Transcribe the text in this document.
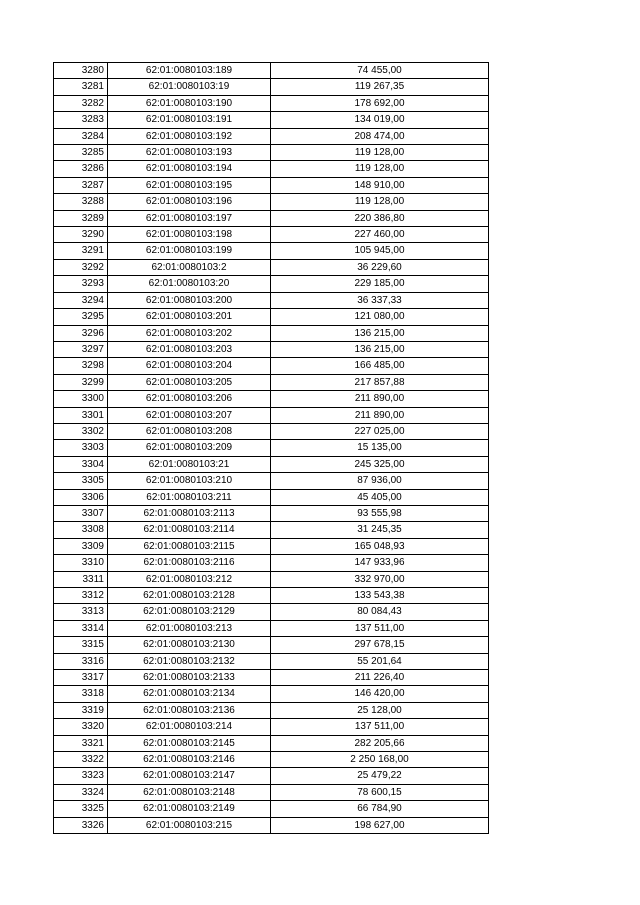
3280	62:01:0080103:189	74 455,00
3281	62:01:0080103:19	119 267,35
3282	62:01:0080103:190	178 692,00
3283	62:01:0080103:191	134 019,00
3284	62:01:0080103:192	208 474,00
3285	62:01:0080103:193	119 128,00
3286	62:01:0080103:194	119 128,00
3287	62:01:0080103:195	148 910,00
3288	62:01:0080103:196	119 128,00
3289	62:01:0080103:197	220 386,80
3290	62:01:0080103:198	227 460,00
3291	62:01:0080103:199	105 945,00
3292	62:01:0080103:2	36 229,60
3293	62:01:0080103:20	229 185,00
3294	62:01:0080103:200	36 337,33
3295	62:01:0080103:201	121 080,00
3296	62:01:0080103:202	136 215,00
3297	62:01:0080103:203	136 215,00
3298	62:01:0080103:204	166 485,00
3299	62:01:0080103:205	217 857,88
3300	62:01:0080103:206	211 890,00
3301	62:01:0080103:207	211 890,00
3302	62:01:0080103:208	227 025,00
3303	62:01:0080103:209	15 135,00
3304	62:01:0080103:21	245 325,00
3305	62:01:0080103:210	87 936,00
3306	62:01:0080103:211	45 405,00
3307	62:01:0080103:2113	93 555,98
3308	62:01:0080103:2114	31 245,35
3309	62:01:0080103:2115	165 048,93
3310	62:01:0080103:2116	147 933,96
3311	62:01:0080103:212	332 970,00
3312	62:01:0080103:2128	133 543,38
3313	62:01:0080103:2129	80 084,43
3314	62:01:0080103:213	137 511,00
3315	62:01:0080103:2130	297 678,15
3316	62:01:0080103:2132	55 201,64
3317	62:01:0080103:2133	211 226,40
3318	62:01:0080103:2134	146 420,00
3319	62:01:0080103:2136	25 128,00
3320	62:01:0080103:214	137 511,00
3321	62:01:0080103:2145	282 205,66
3322	62:01:0080103:2146	2 250 168,00
3323	62:01:0080103:2147	25 479,22
3324	62:01:0080103:2148	78 600,15
3325	62:01:0080103:2149	66 784,90
3326	62:01:0080103:215	198 627,00
